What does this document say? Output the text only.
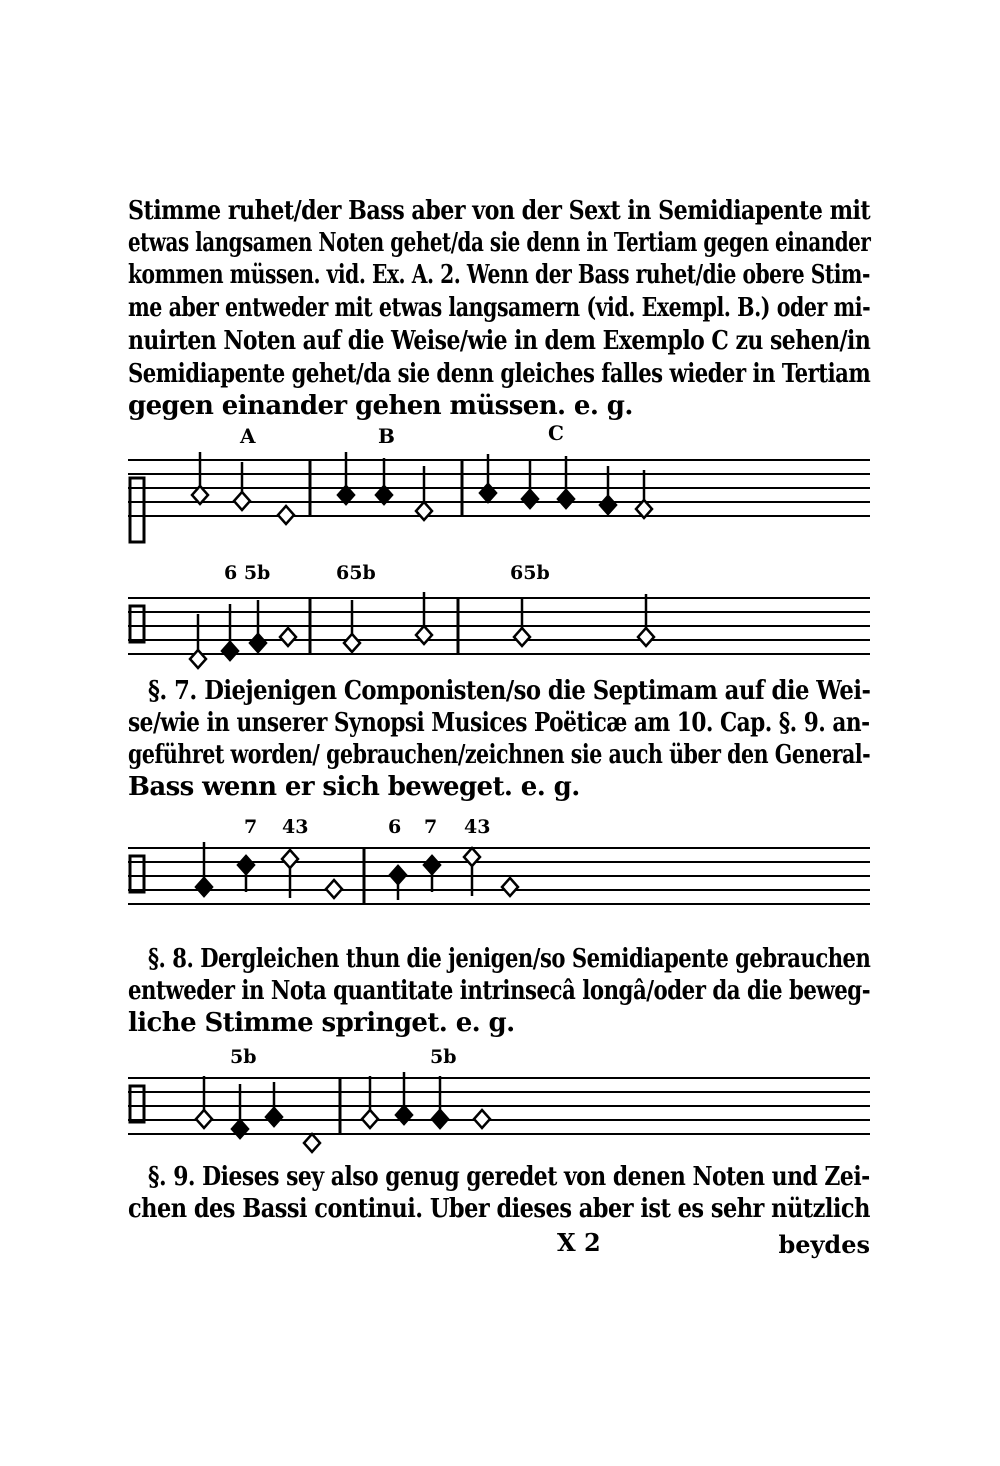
Stimme ruhet/der Bass aber von der Sext in Semidiapente mit
etwas langsamen Noten gehet/da sie denn in Tertiam gegen einander
kommen müssen. vid. Ex. A. 2. Wenn der Bass ruhet/die obere Stim-
me aber entweder mit etwas langsamern (vid. Exempl. B.) oder mi-
nuirten Noten auf die Weise/wie in dem Exemplo C zu sehen/in
Semidiapente gehet/da sie denn gleiches falles wieder in Tertiam
gegen einander gehen müssen. e. g.
A	B	C
6 5b	65b	65b
§. 7. Diejenigen Componisten/so die Septimam auf die Wei-
se/wie in unserer Synopsi Musices Poëticæ am 10. Cap. §. 9. an-
geführet worden/ gebrauchen/zeichnen sie auch über den General-
Bass wenn er sich beweget. e. g.
7 43	6 7 43
§. 8. Dergleichen thun die jenigen/so Semidiapente gebrauchen
entweder in Nota quantitate intrinsecâ longâ/oder da die beweg-
liche Stimme springet. e. g.
5b	5b
§. 9. Dieses sey also genug geredet von denen Noten und Zei-
chen des Bassi continui. Uber dieses aber ist es sehr nützlich
X 2	beydes
